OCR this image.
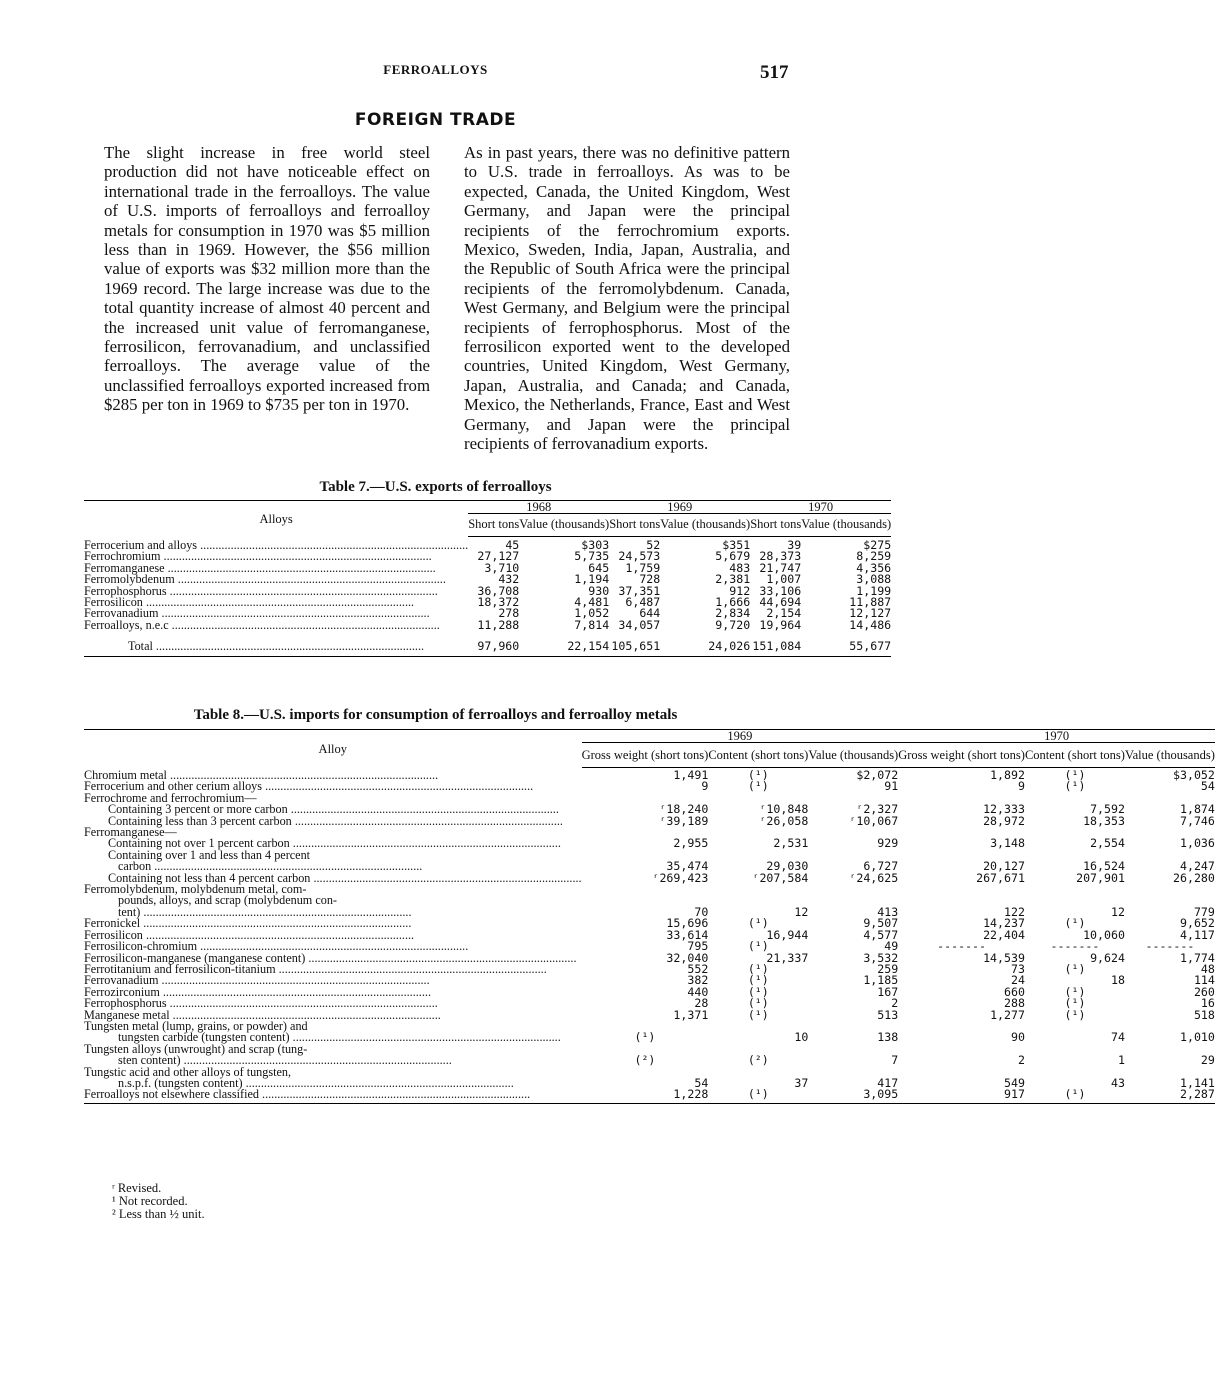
FERROALLOYS	517
FOREIGN TRADE
The slight increase in free world steel production did not have noticeable effect on international trade in the ferroalloys. The value of U.S. imports of ferroalloys and ferroalloy metals for consumption in 1970 was $5 million less than in 1969. However, the $56 million value of exports was $32 million more than the 1969 record. The large increase was due to the total quantity increase of almost 40 percent and the increased unit value of ferromanganese, ferrosilicon, ferrovanadium, and unclassified ferroalloys. The average value of the unclassified ferroalloys exported increased from $285 per ton in 1969 to $735 per ton in 1970.
As in past years, there was no definitive pattern to U.S. trade in ferroalloys. As was to be expected, Canada, the United Kingdom, West Germany, and Japan were the principal recipients of the ferrochromium exports. Mexico, Sweden, India, Japan, Australia, and the Republic of South Africa were the principal recipients of the ferromolybdenum. Canada, West Germany, and Belgium were the principal recipients of ferrophosphorus. Most of the ferrosilicon exported went to the developed countries, United Kingdom, West Germany, Japan, Australia, and Canada; and Canada, Mexico, the Netherlands, France, East and West Germany, and Japan were the principal recipients of ferrovanadium exports.
Table 7.—U.S. exports of ferroalloys
Alloys	1968		1969		1970	
	Short tons	Value (thousands)	Short tons	Value (thousands)	Short tons	Value (thousands)
Ferrocerium and alloys .....	45	$303	52	$351	39	$275
Ferrochromium .....	27,127	5,735	24,573	5,679	28,373	8,259
Ferromanganese .....	3,710	645	1,759	483	21,747	4,356
Ferromolybdenum .....	432	1,194	728	2,381	1,007	3,088
Ferrophosphorus .....	36,708	930	37,351	912	33,106	1,199
Ferrosilicon .....	18,372	4,481	6,487	1,666	44,694	11,887
Ferrovanadium .....	278	1,052	644	2,834	2,154	12,127
Ferroalloys, n.e.c .....	11,288	7,814	34,057	9,720	19,964	14,486
Total .....	97,960	22,154	105,651	24,026	151,084	55,677
Table 8.—U.S. imports for consumption of ferroalloys and ferroalloy metals
Alloy	1969			1970		
	Gross weight (short tons)	Content (short tons)	Value (thousands)	Gross weight (short tons)	Content (short tons)	Value (thousands)
Chromium metal .....	1,491	(¹)	$2,072	1,892	(¹)	$3,052
Ferrocerium and other cerium alloys .....	9	(¹)	91	9	(¹)	54
Ferrochrome and ferrochromium—						
Containing 3 percent or more carbon .....	ʳ18,240	ʳ10,848	ʳ2,327	12,333	7,592	1,874
Containing less than 3 percent carbon .....	ʳ39,189	ʳ26,058	ʳ10,067	28,972	18,353	7,746
Ferromanganese—						
Containing not over 1 percent carbon .....	2,955	2,531	929	3,148	2,554	1,036
Containing over 1 and less than 4 percent						
carbon .....	35,474	29,030	6,727	20,127	16,524	4,247
Containing not less than 4 percent carbon .....	ʳ269,423	ʳ207,584	ʳ24,625	267,671	207,901	26,280
Ferromolybdenum, molybdenum metal, com-						
pounds, alloys, and scrap (molybdenum con-						
tent) .....	70	12	413	122	12	779
Ferronickel .....	15,696	(¹)	9,507	14,237	(¹)	9,652
Ferrosilicon .....	33,614	16,944	4,577	22,404	10,060	4,117
Ferrosilicon-chromium .....	795	(¹)	49	-------	-------	-------
Ferrosilicon-manganese (manganese content) .....	32,040	21,337	3,532	14,539	9,624	1,774
Ferrotitanium and ferrosilicon-titanium .....	552	(¹)	259	73	(¹)	48
Ferrovanadium .....	382	(¹)	1,185	24	18	114
Ferrozirconium .....	440	(¹)	167	660	(¹)	260
Ferrophosphorus .....	28	(¹)	2	288	(¹)	16
Manganese metal .....	1,371	(¹)	513	1,277	(¹)	518
Tungsten metal (lump, grains, or powder) and						
tungsten carbide (tungsten content) .....	(¹)	10	138	90	74	1,010
Tungsten alloys (unwrought) and scrap (tung-						
sten content) .....	(²)	(²)	7	2	1	29
Tungstic acid and other alloys of tungsten,						
n.s.p.f. (tungsten content) .....	54	37	417	549	43	1,141
Ferroalloys not elsewhere classified .....	1,228	(¹)	3,095	917	(¹)	2,287
ʳ Revised.
¹ Not recorded.
² Less than ½ unit.
